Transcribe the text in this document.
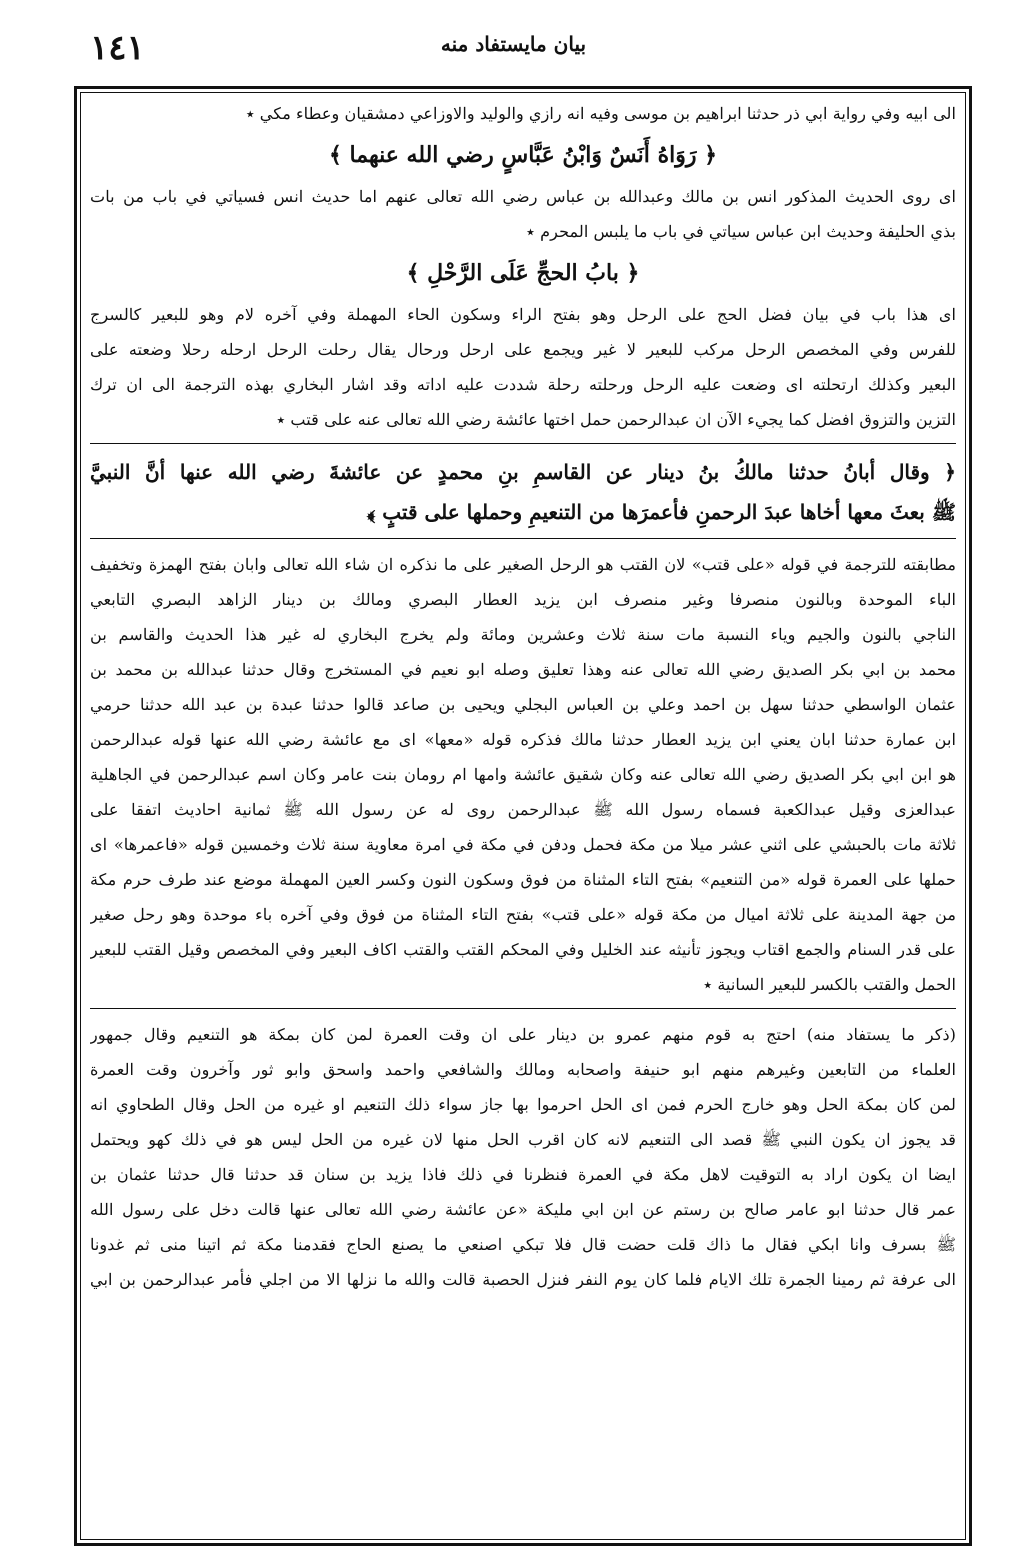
١٤١	بيان مايستفاد منه
الى ابيه وفي رواية ابي ذر حدثنا ابراهيم بن موسى وفيه انه رازي والوليد والاوزاعي دمشقيان وعطاء مكي ٭
﴿ رَوَاهُ أَنَسٌ وَابْنُ عَبَّاسٍ رضي الله عنهما ﴾
اى روى الحديث المذكور انس بن مالك وعبدالله بن عباس رضي الله تعالى عنهم اما حديث انس فسياتي في باب من بات
بذي الحليفة وحديث ابن عباس سياتي في باب ما يلبس المحرم ٭
﴿ بابُ الحجِّ عَلَى الرَّحْلِ ﴾
اى هذا باب في بيان فضل الحج على الرحل وهو بفتح الراء وسكون الحاء المهملة وفي آخره لام وهو للبعير كالسرج
للفرس وفي المخصص الرحل مركب للبعير لا غير ويجمع على ارحل ورحال يقال رحلت الرحل ارحله رحلا وضعته على
البعير وكذلك ارتحلته اى وضعت عليه الرحل ورحلته رحلة شددت عليه اداته وقد اشار البخاري بهذه الترجمة الى ان ترك
التزين والتزوق افضل كما يجيء الآن ان عبدالرحمن حمل اختها عائشة رضي الله تعالى عنه على قتب ٭
﴿ وقال أبانُ حدثنا مالكُ بنُ دينار عن القاسمِ بنِ محمدٍ عن عائشةَ رضي الله عنها أنَّ النبيَّ
ﷺ بعثَ معها أخاها عبدَ الرحمنِ فأعمرَها من التنعيمِ وحملها على قتبٍ ﴾
مطابقته للترجمة في قوله «على قتب» لان القتب هو الرحل الصغير على ما نذكره ان شاء الله تعالى وابان بفتح الهمزة وتخفيف
الباء الموحدة وبالنون منصرفا وغير منصرف ابن يزيد العطار البصري ومالك بن دينار الزاهد البصري التابعي
الناجي بالنون والجيم وياء النسبة مات سنة ثلاث وعشرين ومائة ولم يخرج البخاري له غير هذا الحديث والقاسم بن
محمد بن ابي بكر الصديق رضي الله تعالى عنه وهذا تعليق وصله ابو نعيم في المستخرج وقال حدثنا عبدالله بن محمد بن
عثمان الواسطي حدثنا سهل بن احمد وعلي بن العباس البجلي ويحيى بن صاعد قالوا حدثنا عبدة بن عبد الله حدثنا حرمي
ابن عمارة حدثنا ابان يعني ابن يزيد العطار حدثنا مالك فذكره قوله «معها» اى مع عائشة رضي الله عنها قوله عبدالرحمن
هو ابن ابي بكر الصديق رضي الله تعالى عنه وكان شقيق عائشة وامها ام رومان بنت عامر وكان اسم عبدالرحمن في الجاهلية
عبدالعزى وقيل عبدالكعبة فسماه رسول الله ﷺ عبدالرحمن روى له عن رسول الله ﷺ ثمانية احاديث اتفقا على
ثلاثة مات بالحبشي على اثني عشر ميلا من مكة فحمل ودفن في مكة في امرة معاوية سنة ثلاث وخمسين قوله «فاعمرها» اى
حملها على العمرة قوله «من التنعيم» بفتح التاء المثناة من فوق وسكون النون وكسر العين المهملة موضع عند طرف حرم مكة
من جهة المدينة على ثلاثة اميال من مكة قوله «على قتب» بفتح التاء المثناة من فوق وفي آخره باء موحدة وهو رحل صغير
على قدر السنام والجمع اقتاب ويجوز تأنيثه عند الخليل وفي المحكم القتب والقتب اكاف البعير وفي المخصص وقيل القتب للبعير
الحمل والقتب بالكسر للبعير السانية ٭
(ذكر ما يستفاد منه) احتج به قوم منهم عمرو بن دينار على ان وقت العمرة لمن كان بمكة هو التنعيم وقال جمهور
العلماء من التابعين وغيرهم منهم ابو حنيفة واصحابه ومالك والشافعي واحمد واسحق وابو ثور وآخرون وقت العمرة
لمن كان بمكة الحل وهو خارج الحرم فمن اى الحل احرموا بها جاز سواء ذلك التنعيم او غيره من الحل وقال الطحاوي انه
قد يجوز ان يكون النبي ﷺ قصد الى التنعيم لانه كان اقرب الحل منها لان غيره من الحل ليس هو في ذلك كهو ويحتمل
ايضا ان يكون اراد به التوقيت لاهل مكة في العمرة فنظرنا في ذلك فاذا يزيد بن سنان قد حدثنا قال حدثنا عثمان بن
عمر قال حدثنا ابو عامر صالح بن رستم عن ابن ابي مليكة «عن عائشة رضي الله تعالى عنها قالت دخل على رسول الله
ﷺ بسرف وانا ابكي فقال ما ذاك قلت حضت قال فلا تبكي اصنعي ما يصنع الحاج فقدمنا مكة ثم اتينا منى ثم غدونا
الى عرفة ثم رمينا الجمرة تلك الايام فلما كان يوم النفر فنزل الحصبة قالت والله ما نزلها الا من اجلي فأمر عبدالرحمن بن ابي
